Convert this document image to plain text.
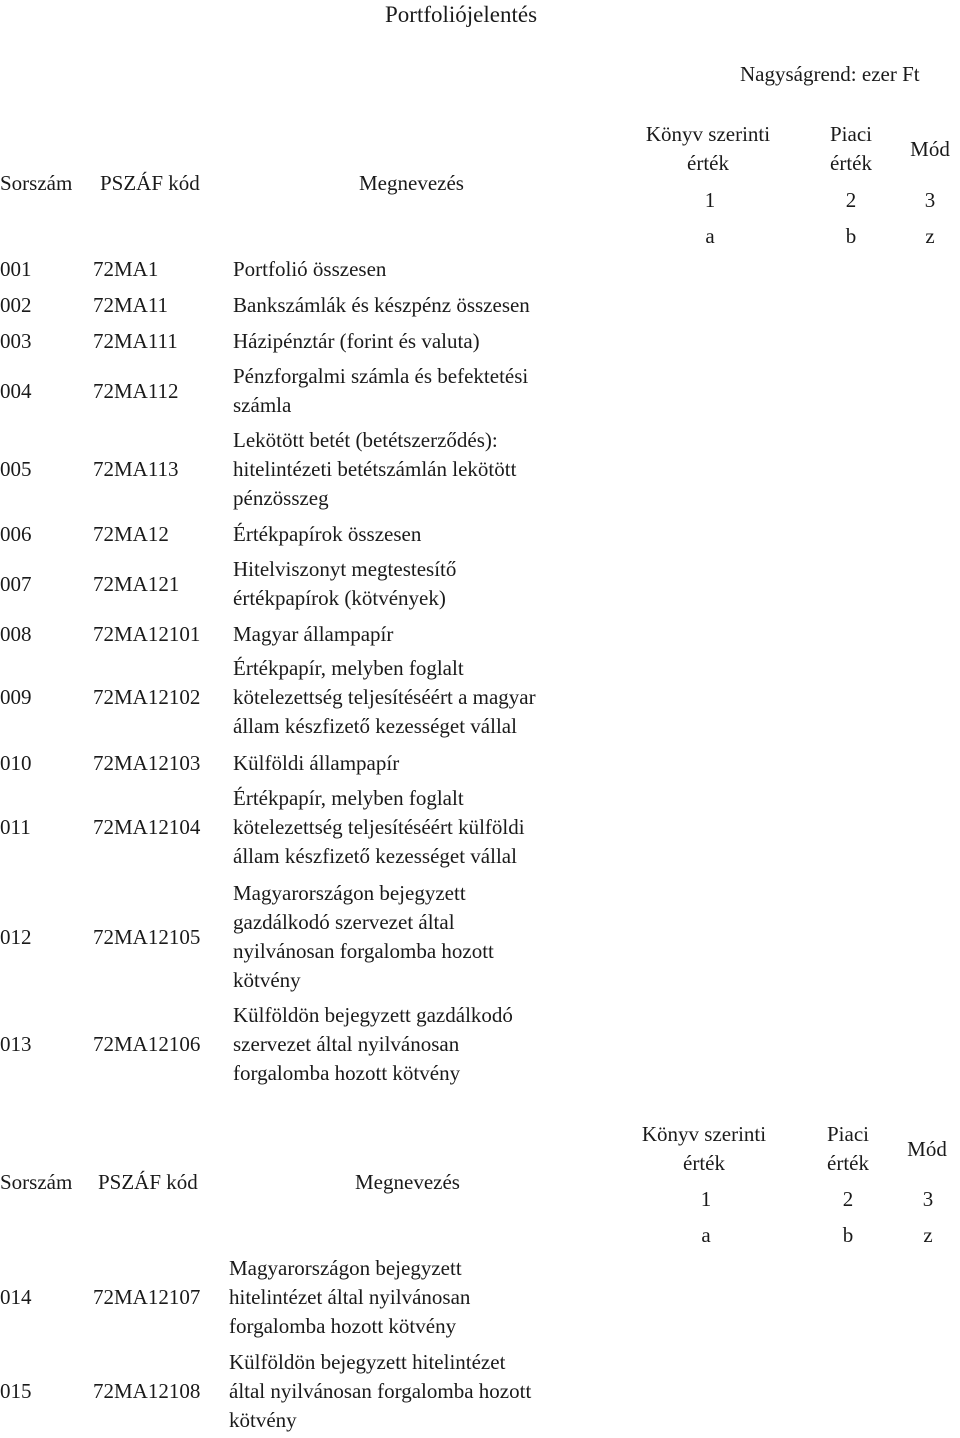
Portfoliójelentés
Nagyságrend: ezer Ft
Sorszám PSZÁF kód	Megnevezés
Könyv szerinti
érték
Piaci
érték
Mód
1	2	3
a	b	z
001	72MA1	Portfolió összesen
002	72MA11	Bankszámlák és készpénz összesen
003	72MA111	Házipénztár (forint és valuta)
004	72MA112
Pénzforgalmi számla és befektetési
számla
005	72MA113
Lekötött betét (betétszerződés):
hitelintézeti betétszámlán lekötött
pénzösszeg
006	72MA12	Értékpapírok összesen
007	72MA121
Hitelviszonyt megtestesítő
értékpapírok (kötvények)
008	72MA12101 Magyar állampapír
009	72MA12102
Értékpapír, melyben foglalt
kötelezettség teljesítéséért a magyar
állam készfizető kezességet vállal
010	72MA12103 Külföldi állampapír
011	72MA12104
Értékpapír, melyben foglalt
kötelezettség teljesítéséért külföldi
állam készfizető kezességet vállal
012	72MA12105
Magyarországon bejegyzett
gazdálkodó szervezet által
nyilvánosan forgalomba hozott
kötvény
013	72MA12106
Külföldön bejegyzett gazdálkodó
szervezet által nyilvánosan
forgalomba hozott kötvény
Sorszám PSZÁF kód	Megnevezés
Könyv szerinti
érték
Piaci
érték
Mód
1	2	3
a	b	z
014	72MA12107
Magyarországon bejegyzett
hitelintézet által nyilvánosan
forgalomba hozott kötvény
015	72MA12108
Külföldön bejegyzett hitelintézet
által nyilvánosan forgalomba hozott
kötvény
